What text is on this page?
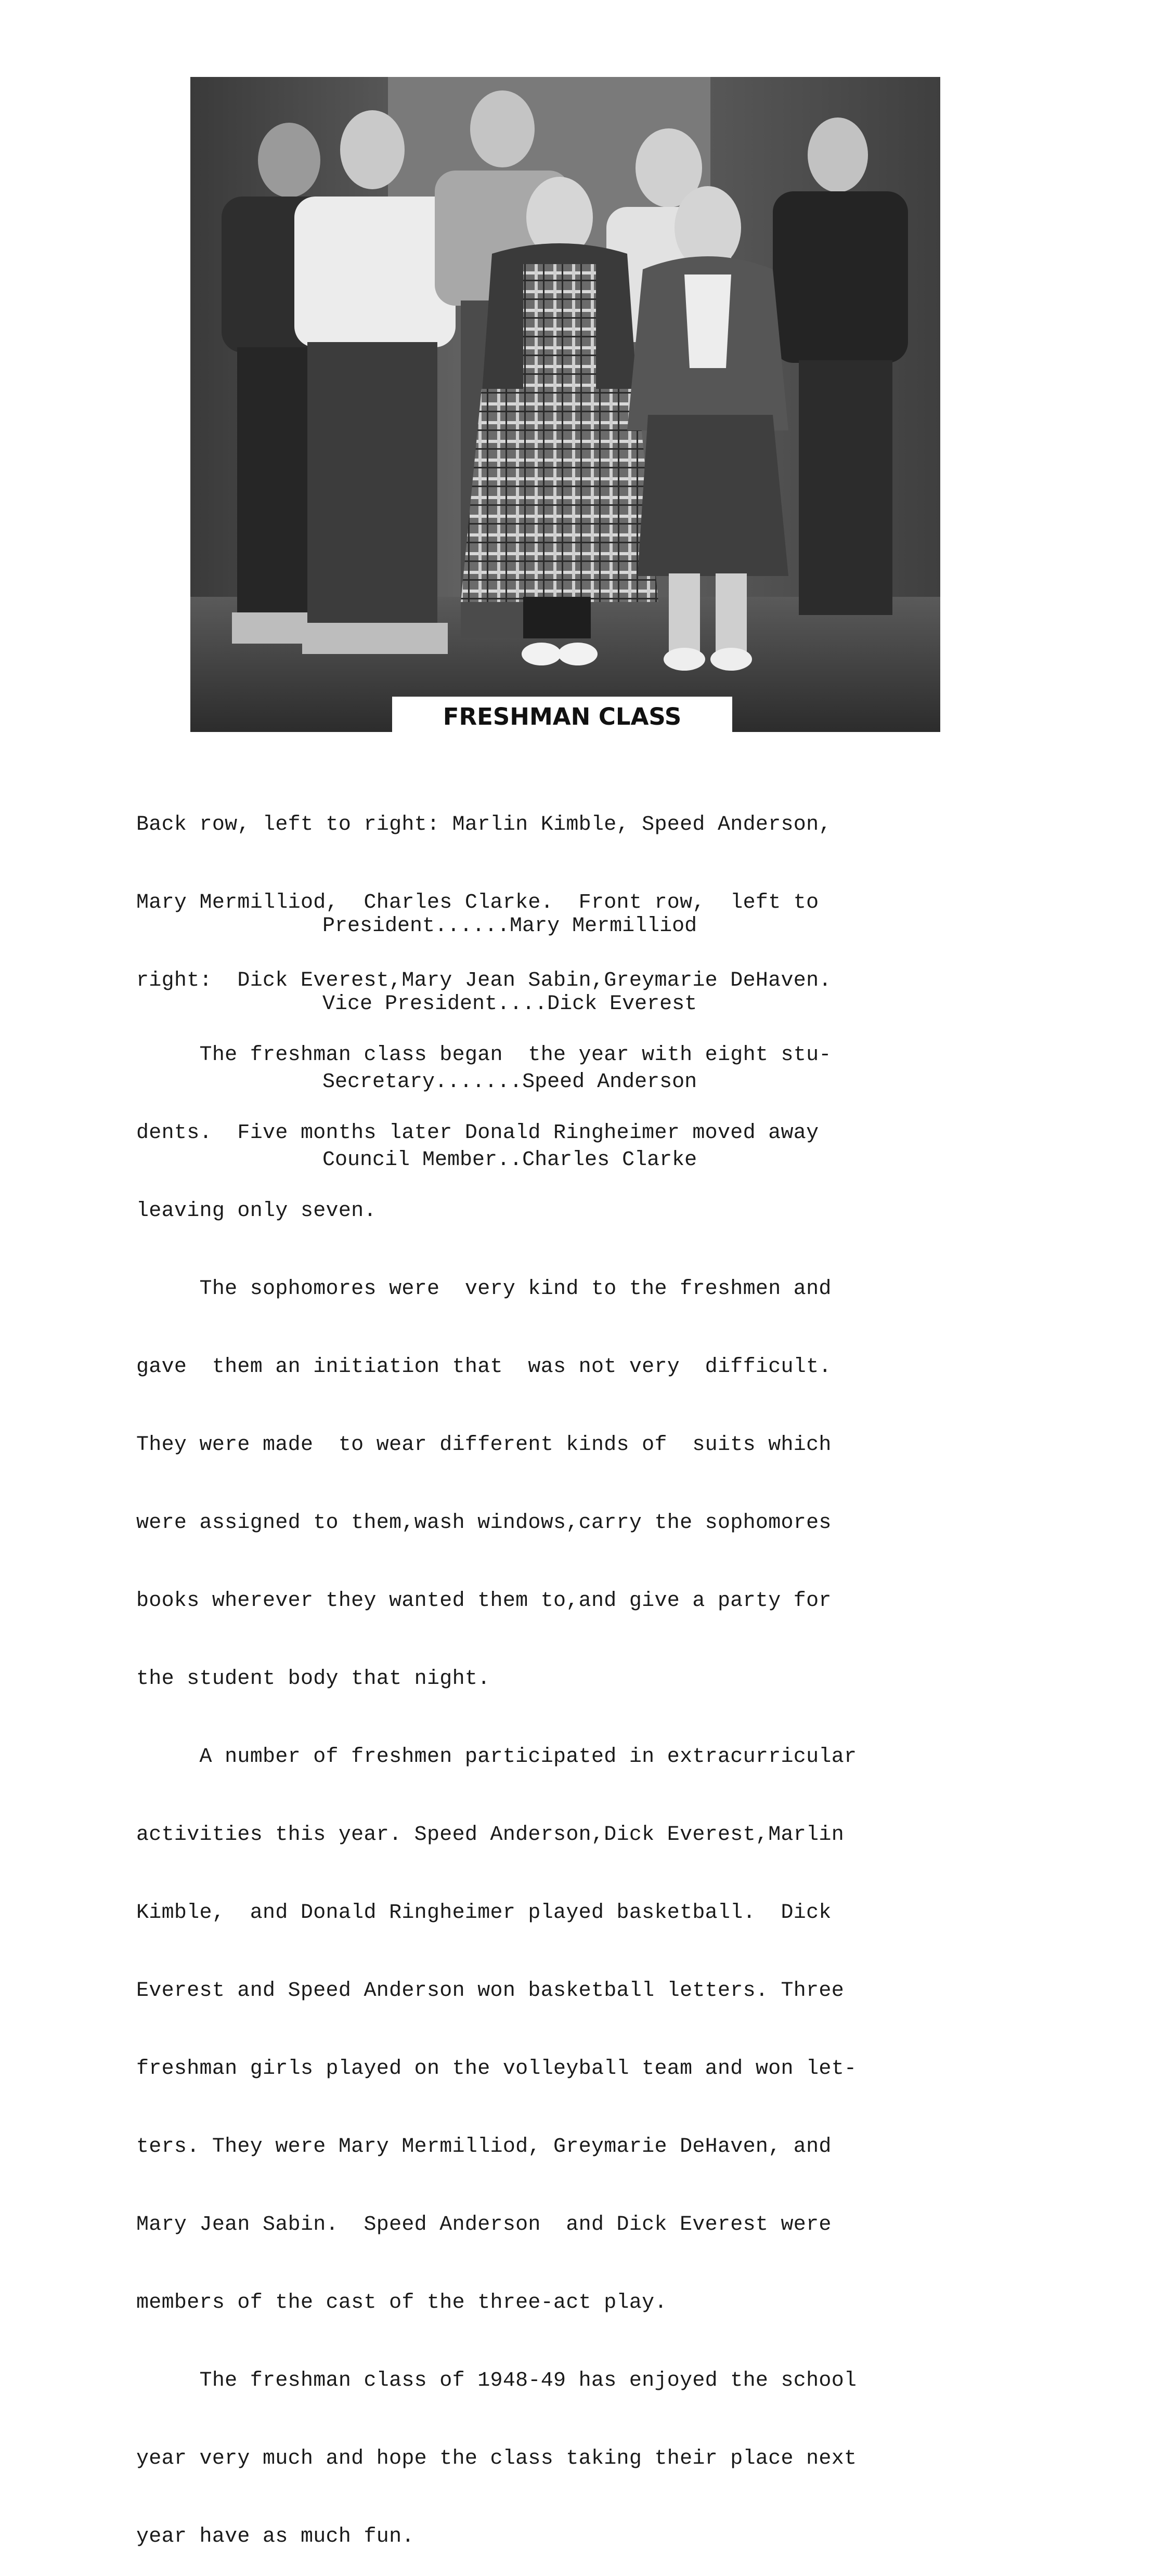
FRESHMAN CLASS

Back row, left to right: Marlin Kimble, Speed Anderson,

Mary Mermilliod,  Charles Clarke.  Front row,  left to

right:  Dick Everest,Mary Jean Sabin,Greymarie DeHaven.

President......Mary Mermilliod

Vice President....Dick Everest

Secretary.......Speed Anderson

Council Member..Charles Clarke

The freshman class began  the year with eight stu-

dents.  Five months later Donald Ringheimer moved away

leaving only seven.

The sophomores were  very kind to the freshmen and

gave  them an initiation that  was not very  difficult.

They were made  to wear different kinds of  suits which

were assigned to them,wash windows,carry the sophomores

books wherever they wanted them to,and give a party for

the student body that night.

A number of freshmen participated in extracurricular

activities this year. Speed Anderson,Dick Everest,Marlin

Kimble,  and Donald Ringheimer played basketball.  Dick

Everest and Speed Anderson won basketball letters. Three

freshman girls played on the volleyball team and won let-

ters. They were Mary Mermilliod, Greymarie DeHaven, and

Mary Jean Sabin.  Speed Anderson  and Dick Everest were

members of the cast of the three-act play.

The freshman class of 1948-49 has enjoyed the school

year very much and hope the class taking their place next

year have as much fun.
